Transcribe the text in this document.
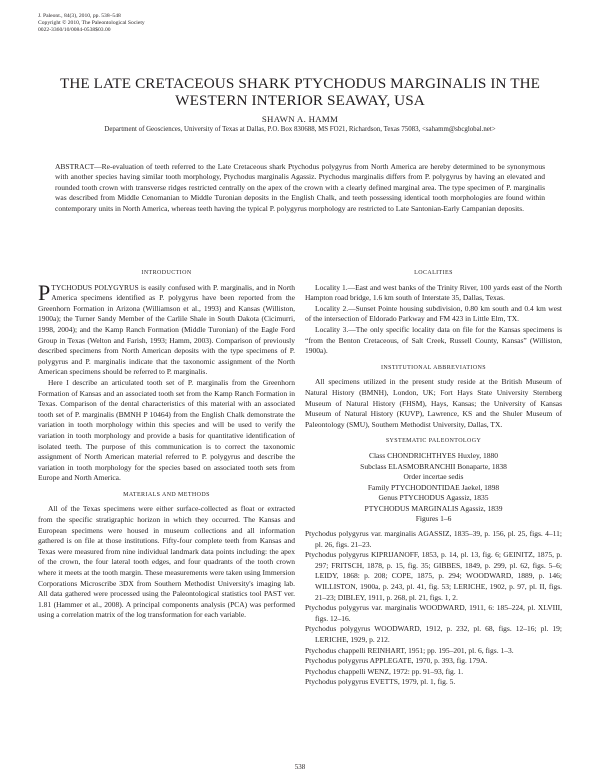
J. Paleont., 84(3), 2010, pp. 538–548
Copyright © 2010, The Paleontological Society
0022-3360/10/0084-0538$03.00
THE LATE CRETACEOUS SHARK PTYCHODUS MARGINALIS IN THE
WESTERN INTERIOR SEAWAY, USA
SHAWN A. HAMM
Department of Geosciences, University of Texas at Dallas, P.O. Box 830688, MS FO21, Richardson, Texas 75083, <sahamm@sbcglobal.net>

ABSTRACT—Re-evaluation of teeth referred to the Late Cretaceous shark Ptychodus polygyrus from North America are hereby determined to be synonymous with another species having similar tooth morphology, Ptychodus marginalis Agassiz. Ptychodus marginalis differs from P. polygyrus by having an elevated and rounded tooth crown with transverse ridges restricted centrally on the apex of the crown with a clearly defined marginal area. The type specimen of P. marginalis was described from Middle Cenomanian to Middle Turonian deposits in the English Chalk, and teeth possessing identical tooth morphologies are found within contemporary units in North America, whereas teeth having the typical P. polygyrus morphology are restricted to Late Santonian-Early Campanian deposits.

INTRODUCTION

PTYCHODUS POLYGYRUS is easily confused with P. marginalis, and in North America specimens identified as P. polygyrus have been reported from the Greenhorn Formation in Arizona (Williamson et al., 1993) and Kansas (Williston, 1900a); the Turner Sandy Member of the Carlile Shale in South Dakota (Cicimurri, 1998, 2004); and the Kamp Ranch Formation (Middle Turonian) of the Eagle Ford Group in Texas (Welton and Farish, 1993; Hamm, 2003). Comparison of previously described specimens from North American deposits with the type specimens of P. polygyrus and P. marginalis indicate that the taxonomic assignment of the North American specimens should be referred to P. marginalis.

Here I describe an articulated tooth set of P. marginalis from the Greenhorn Formation of Kansas and an associated tooth set from the Kamp Ranch Formation in Texas. Comparison of the dental characteristics of this material with an associated tooth set of P. marginalis (BMNH P 10464) from the English Chalk demonstrate the variation in tooth morphology within this species and will be used to verify the variation in tooth morphology and provide a basis for quantitative identification of isolated teeth. The purpose of this communication is to correct the taxonomic assignment of North American material referred to P. polygyrus and describe the variation in tooth morphology for the species based on associated tooth sets from Europe and North America.

MATERIALS AND METHODS

All of the Texas specimens were either surface-collected as float or extracted from the specific stratigraphic horizon in which they occurred. The Kansas and European specimens were housed in museum collections and all information gathered is on file at those institutions. Fifty-four complete teeth from Kansas and Texas were measured from nine individual landmark data points including: the apex of the crown, the four lateral tooth edges, and four quadrants of the tooth crown where it meets at the tooth margin. These measurements were taken using Immersion Corporations Microscribe 3DX from Southern Methodist University's imaging lab. All data gathered were processed using the Paleontological statistics tool PAST ver. 1.81 (Hammer et al., 2008). A principal components analysis (PCA) was performed using a correlation matrix of the log transformation for each variable.

LOCALITIES

Locality 1.—East and west banks of the Trinity River, 100 yards east of the North Hampton road bridge, 1.6 km south of Interstate 35, Dallas, Texas.

Locality 2.—Sunset Pointe housing subdivision, 0.80 km south and 0.4 km west of the intersection of Eldorado Parkway and FM 423 in Little Elm, TX.

Locality 3.—The only specific locality data on file for the Kansas specimens is “from the Benton Cretaceous, of Salt Creek, Russell County, Kansas” (Williston, 1900a).

INSTITUTIONAL ABBREVIATIONS

All specimens utilized in the present study reside at the British Museum of Natural History (BMNH), London, UK; Fort Hays State University Sternberg Museum of Natural History (FHSM), Hays, Kansas; the University of Kansas Museum of Natural History (KUVP), Lawrence, KS and the Shuler Museum of Paleontology (SMU), Southern Methodist University, Dallas, TX.

SYSTEMATIC PALEONTOLOGY
Class CHONDRICHTHYES Huxley, 1880
Subclass ELASMOBRANCHII Bonaparte, 1838
Order incertae sedis
Family PTYCHODONTIDAE Jaekel, 1898
Genus PTYCHODUS Agassiz, 1835
PTYCHODUS MARGINALIS Agassiz, 1839
Figures 1–6

Ptychodus polygyrus var. marginalis AGASSIZ, 1835–39, p. 156, pl. 25, figs. 4–11; pl. 26, figs. 21–23.

Ptychodus polygyrus KIPRIJANOFF, 1853, p. 14, pl. 13, fig. 6; GEINITZ, 1875, p. 297; FRITSCH, 1878, p. 15, fig. 35; GIBBES, 1849, p. 299, pl. 62, figs. 5–6; LEIDY, 1868: p. 208; COPE, 1875, p. 294; WOODWARD, 1889, p. 146; WILLISTON, 1900a, p. 243, pl. 41, fig. 53; LERICHE, 1902, p. 97, pl. II, figs. 21–23; DIBLEY, 1911, p. 268, pl. 21, figs. 1, 2.

Ptychodus polygyrus var. marginalis WOODWARD, 1911, 6: 185–224, pl. XLVIII, figs. 12–16.

Ptychodus polygyrus WOODWARD, 1912, p. 232, pl. 68, figs. 12–16; pl. 19; LERICHE, 1929, p. 212.

Ptychodus chappelli REINHART, 1951; pp. 195–201, pl. 6, figs. 1–3.

Ptychodus polygyrus APPLEGATE, 1970, p. 393, fig. 179A.

Ptychodus chappelli WENZ, 1972: pp. 91–93, fig. 1.

Ptychodus polygyrus EVETTS, 1979, pl. 1, fig. 5.

538
